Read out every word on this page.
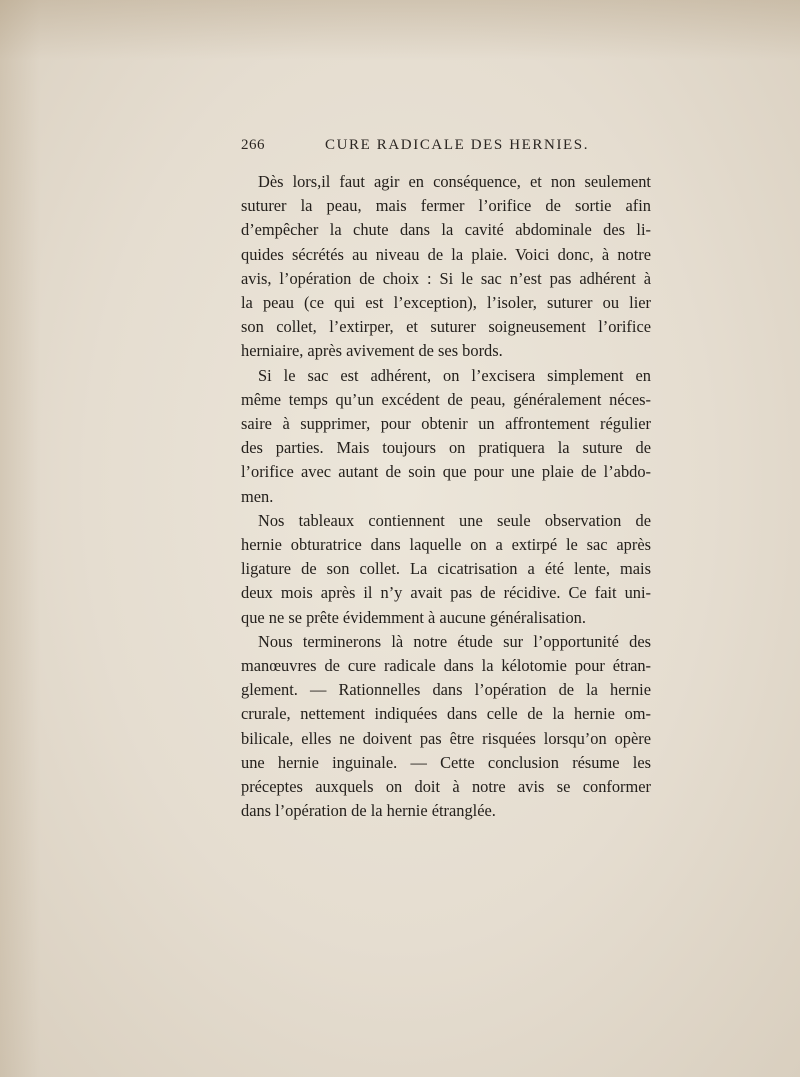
266	CURE RADICALE DES HERNIES.
Dès lors,il faut agir en conséquence, et non seulement
suturer la peau, mais fermer l’orifice de sortie afin
d’empêcher la chute dans la cavité abdominale des li-
quides sécrétés au niveau de la plaie. Voici donc, à notre
avis, l’opération de choix : Si le sac n’est pas adhérent à
la peau (ce qui est l’exception), l’isoler, suturer ou lier
son collet, l’extirper, et suturer soigneusement l’orifice
herniaire, après avivement de ses bords.
Si le sac est adhérent, on l’excisera simplement en
même temps qu’un excédent de peau, généralement néces-
saire à supprimer, pour obtenir un affrontement régulier
des parties. Mais toujours on pratiquera la suture de
l’orifice avec autant de soin que pour une plaie de l’abdo-
men.
Nos tableaux contiennent une seule observation de
hernie obturatrice dans laquelle on a extirpé le sac après
ligature de son collet. La cicatrisation a été lente, mais
deux mois après il n’y avait pas de récidive. Ce fait uni-
que ne se prête évidemment à aucune généralisation.
Nous terminerons là notre étude sur l’opportunité des
manœuvres de cure radicale dans la kélotomie pour étran-
glement. — Rationnelles dans l’opération de la hernie
crurale, nettement indiquées dans celle de la hernie om-
bilicale, elles ne doivent pas être risquées lorsqu’on opère
une hernie inguinale. — Cette conclusion résume les
préceptes auxquels on doit à notre avis se conformer
dans l’opération de la hernie étranglée.
